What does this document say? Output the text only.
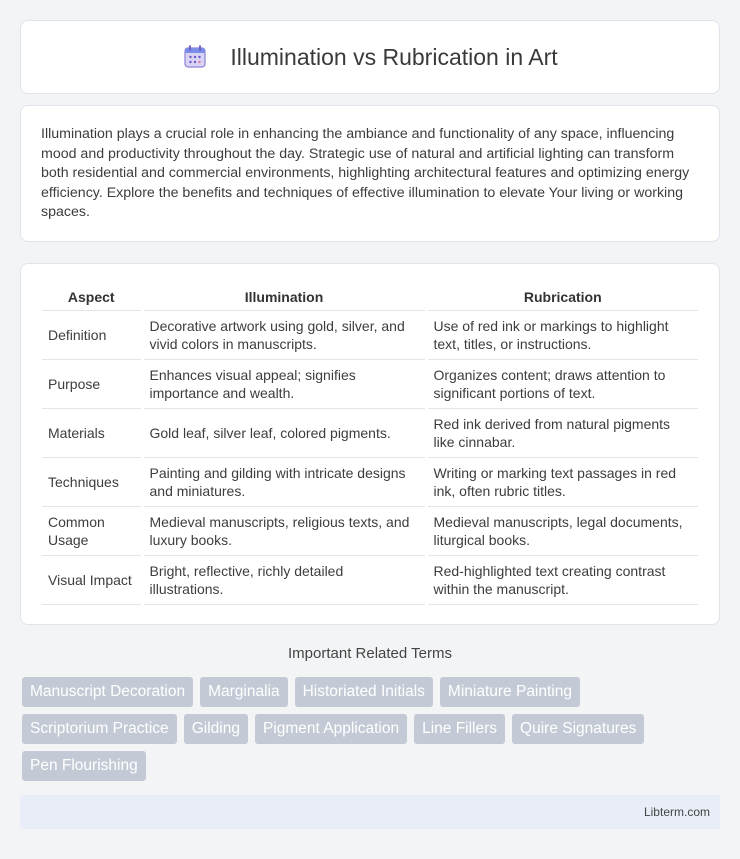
Illumination vs Rubrication in Art

Illumination plays a crucial role in enhancing the ambiance and functionality of any space, influencing mood and productivity throughout the day. Strategic use of natural and artificial lighting can transform both residential and commercial environments, highlighting architectural features and optimizing energy efficiency. Explore the benefits and techniques of effective illumination to elevate Your living or working spaces.

Aspect	Illumination	Rubrication
Definition	Decorative artwork using gold, silver, and vivid colors in manuscripts.	Use of red ink or markings to highlight text, titles, or instructions.
Purpose	Enhances visual appeal; signifies importance and wealth.	Organizes content; draws attention to significant portions of text.
Materials	Gold leaf, silver leaf, colored pigments.	Red ink derived from natural pigments like cinnabar.
Techniques	Painting and gilding with intricate designs and miniatures.	Writing or marking text passages in red ink, often rubric titles.
Common Usage	Medieval manuscripts, religious texts, and luxury books.	Medieval manuscripts, legal documents, liturgical books.
Visual Impact	Bright, reflective, richly detailed illustrations.	Red-highlighted text creating contrast within the manuscript.
Important Related Terms
Manuscript Decoration	Marginalia	Historiated Initials	Miniature Painting
Scriptorium Practice	Gilding	Pigment Application	Line Fillers	Quire Signatures
Pen Flourishing
Libterm.com
